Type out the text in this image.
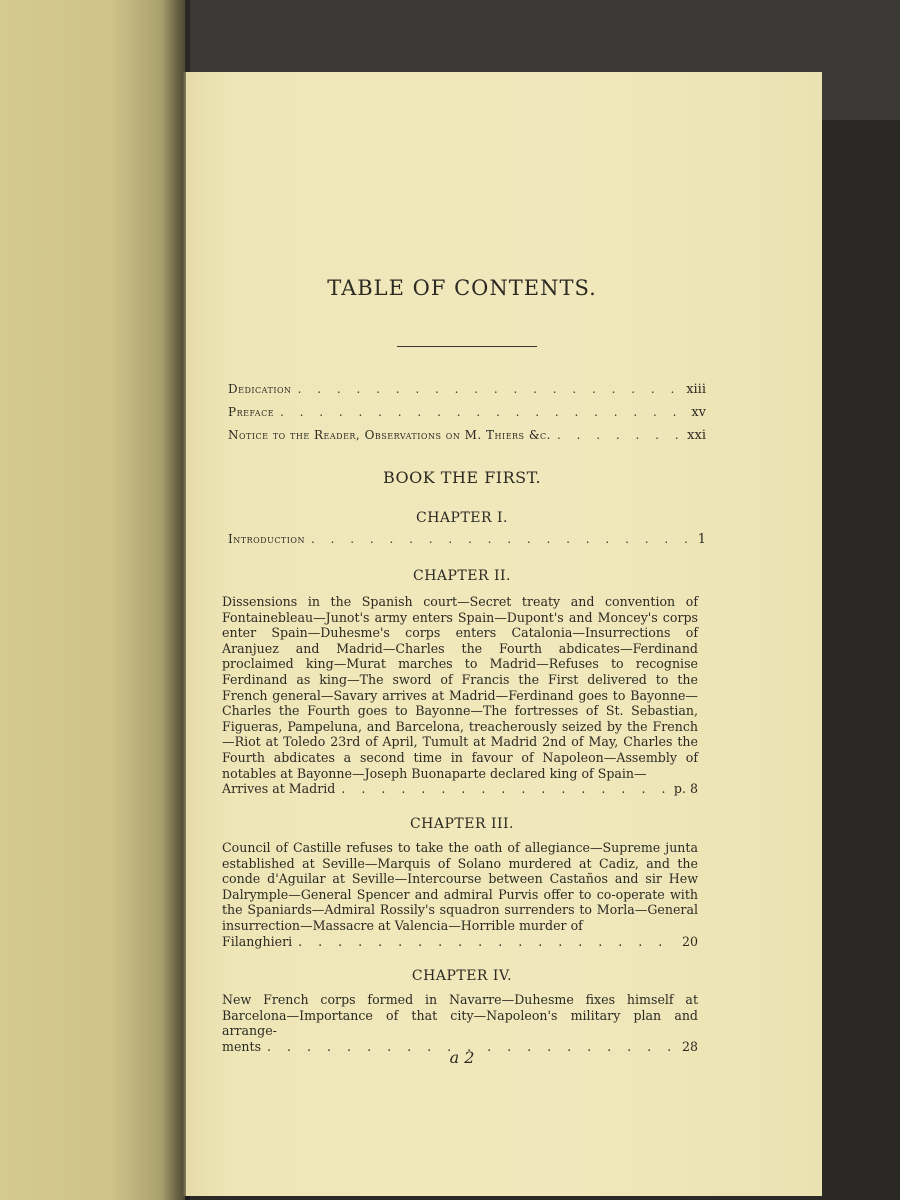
TABLE OF CONTENTS.
Dedication . . .	xiii
Preface . . .	xv
Notice to the Reader, Observations on M. Thiers &c. . . .	xxi
BOOK THE FIRST.
CHAPTER I.
Introduction . . .	1
CHAPTER II.
Dissensions in the Spanish court—Secret treaty and convention of Fontainebleau—Junot's army enters Spain—Dupont's and Moncey's corps enter Spain—Duhesme's corps enters Catalonia—Insurrections of Aranjuez and Madrid—Charles the Fourth abdicates—Ferdinand proclaimed king—Murat marches to Madrid—Refuses to recognise Ferdinand as king—The sword of Francis the First delivered to the French general—Savary arrives at Madrid—Ferdinand goes to Bayonne—Charles the Fourth goes to Bayonne—The fortresses of St. Sebastian, Figueras, Pampeluna, and Barcelona, treacherously seized by the French—Riot at Toledo 23rd of April, Tumult at Madrid 2nd of May, Charles the Fourth abdicates a second time in favour of Napoleon—Assembly of notables at Bayonne—Joseph Buonaparte declared king of Spain—
Arrives at Madrid . . .	p. 8
CHAPTER III.
Council of Castille refuses to take the oath of allegiance—Supreme junta established at Seville—Marquis of Solano murdered at Cadiz, and the conde d'Aguilar at Seville—Intercourse between Castaños and sir Hew Dalrymple—General Spencer and admiral Purvis offer to co-operate with the Spaniards—Admiral Rossily's squadron surrenders to Morla—General insurrection—Massacre at Valencia—Horrible murder of
Filanghieri . . .	20
CHAPTER IV.
New French corps formed in Navarre—Duhesme fixes himself at Barcelona—Importance of that city—Napoleon's military plan and arrange-
ments . . .	28
a 2
